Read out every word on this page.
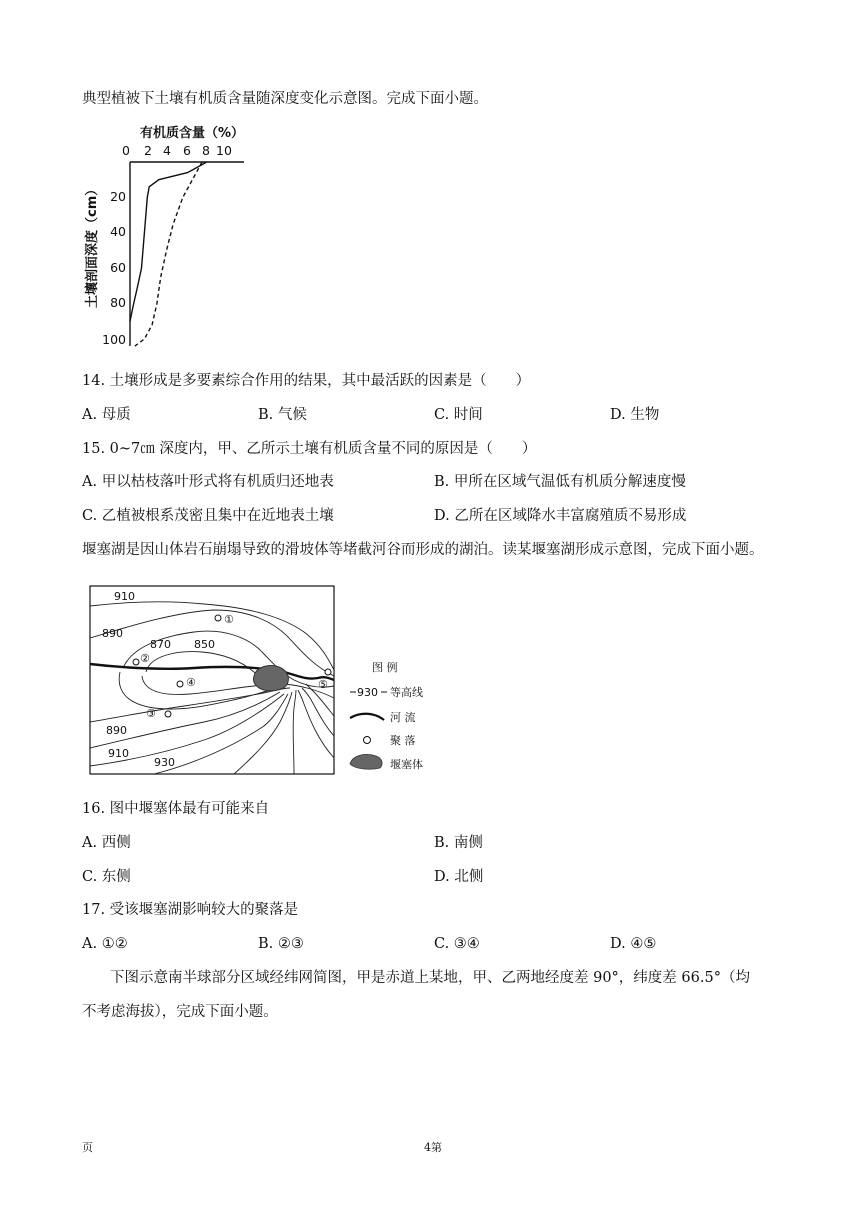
典型植被下土壤有机质含量随深度变化示意图。完成下面小题。
有机质含量（%）
0 2 4 6 8 10
20
40
60
80
100
土壤剖面深度（cm）
14. 土壤形成是多要素综合作用的结果，其中最活跃的因素是（　　）
A. 母质	B. 气候	C. 时间	D. 生物
15. 0~7㎝ 深度内，甲、乙所示土壤有机质含量不同的原因是（　　）
A. 甲以枯枝落叶形式将有机质归还地表	B. 甲所在区域气温低有机质分解速度慢
C. 乙植被根系茂密且集中在近地表土壤	D. 乙所在区域降水丰富腐殖质不易形成
堰塞湖是因山体岩石崩塌导致的滑坡体等堵截河谷而形成的湖泊。读某堰塞湖形成示意图，完成下面小题。
910
890
870 850
890
910
930
①
②
③
④	⑤
图 例
930 等高线
河 流
聚 落
堰塞体
16. 图中堰塞体最有可能来自
A. 西侧	B. 南侧
C. 东侧	D. 北侧
17. 受该堰塞湖影响较大的聚落是
A. ①②	B. ②③	C. ③④	D. ④⑤
下图示意南半球部分区域经纬网简图，甲是赤道上某地，甲、乙两地经度差 90°，纬度差 66.5°（均
不考虑海拔），完成下面小题。
页	4第
